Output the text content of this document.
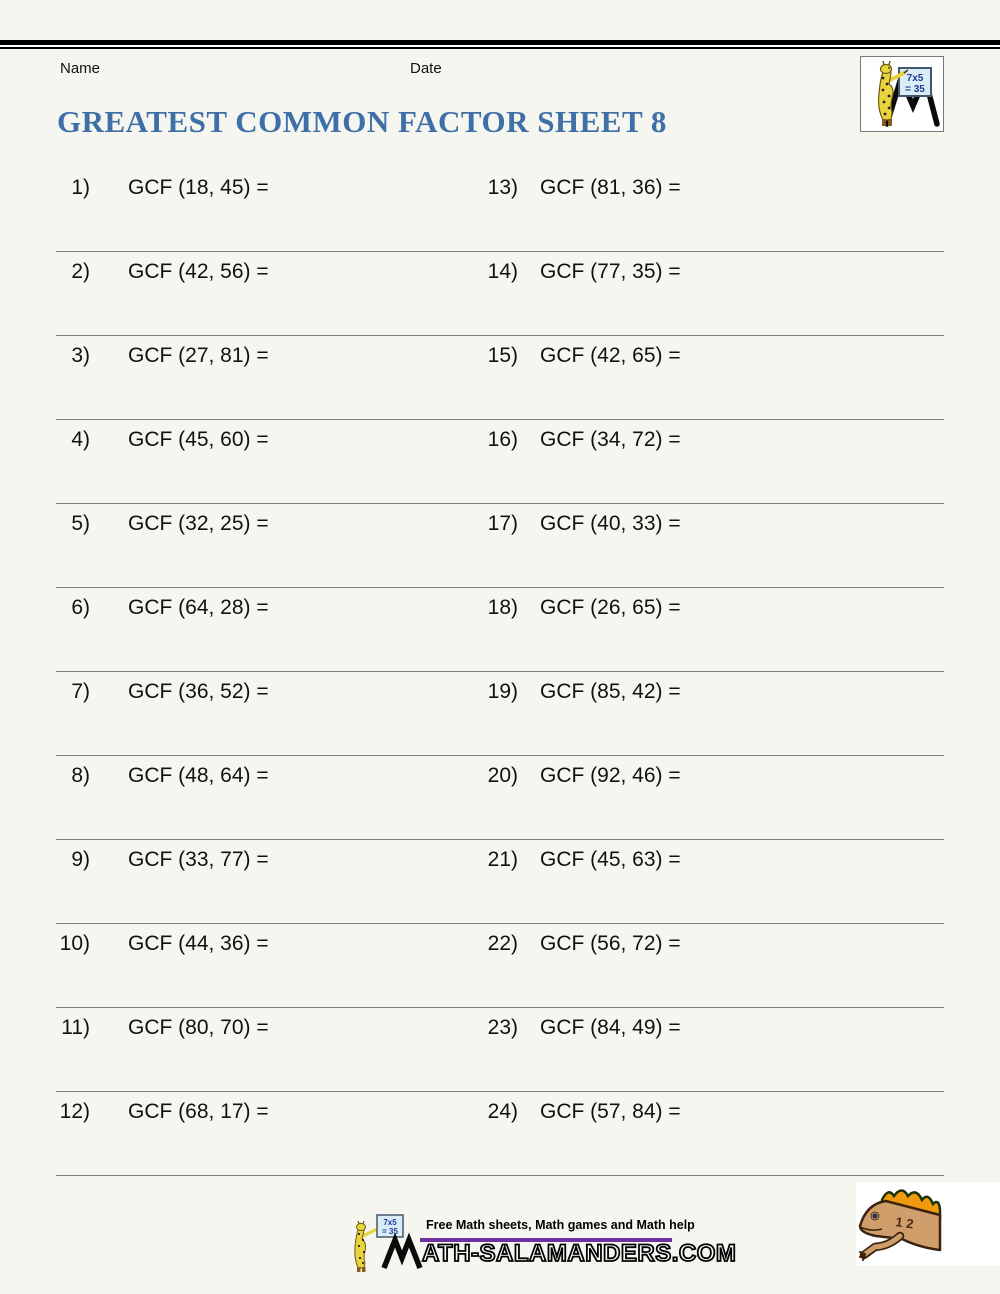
Name	Date
7x5
= 35
GREATEST COMMON FACTOR SHEET 8
1) GCF (18, 45) =	13) GCF (81, 36) =
2) GCF (42, 56) =	14) GCF (77, 35) =
3) GCF (27, 81) =	15) GCF (42, 65) =
4) GCF (45, 60) =	16) GCF (34, 72) =
5) GCF (32, 25) =	17) GCF (40, 33) =
6) GCF (64, 28) =	18) GCF (26, 65) =
7) GCF (36, 52) =	19) GCF (85, 42) =
8) GCF (48, 64) =	20) GCF (92, 46) =
9) GCF (33, 77) =	21) GCF (45, 63) =
10) GCF (44, 36) =	22) GCF (56, 72) =
11) GCF (80, 70) =	23) GCF (84, 49) =
12) GCF (68, 17) =	24) GCF (57, 84) =
7x5
= 35 Free Math sheets, Math games and Math help
ATH-SALAMANDERS.COM
1 2
